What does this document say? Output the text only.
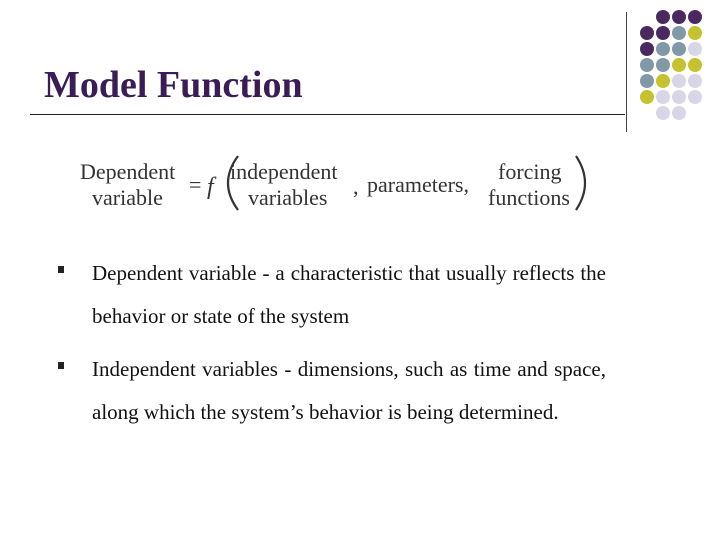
Model Function
Dependent
variable
= f
independent
variables , parameters,
forcing
functions
Dependent variable - a characteristic that usually reflects the behavior or state of the system
Independent variables - dimensions, such as time and space, along which the system’s behavior is being determined.
